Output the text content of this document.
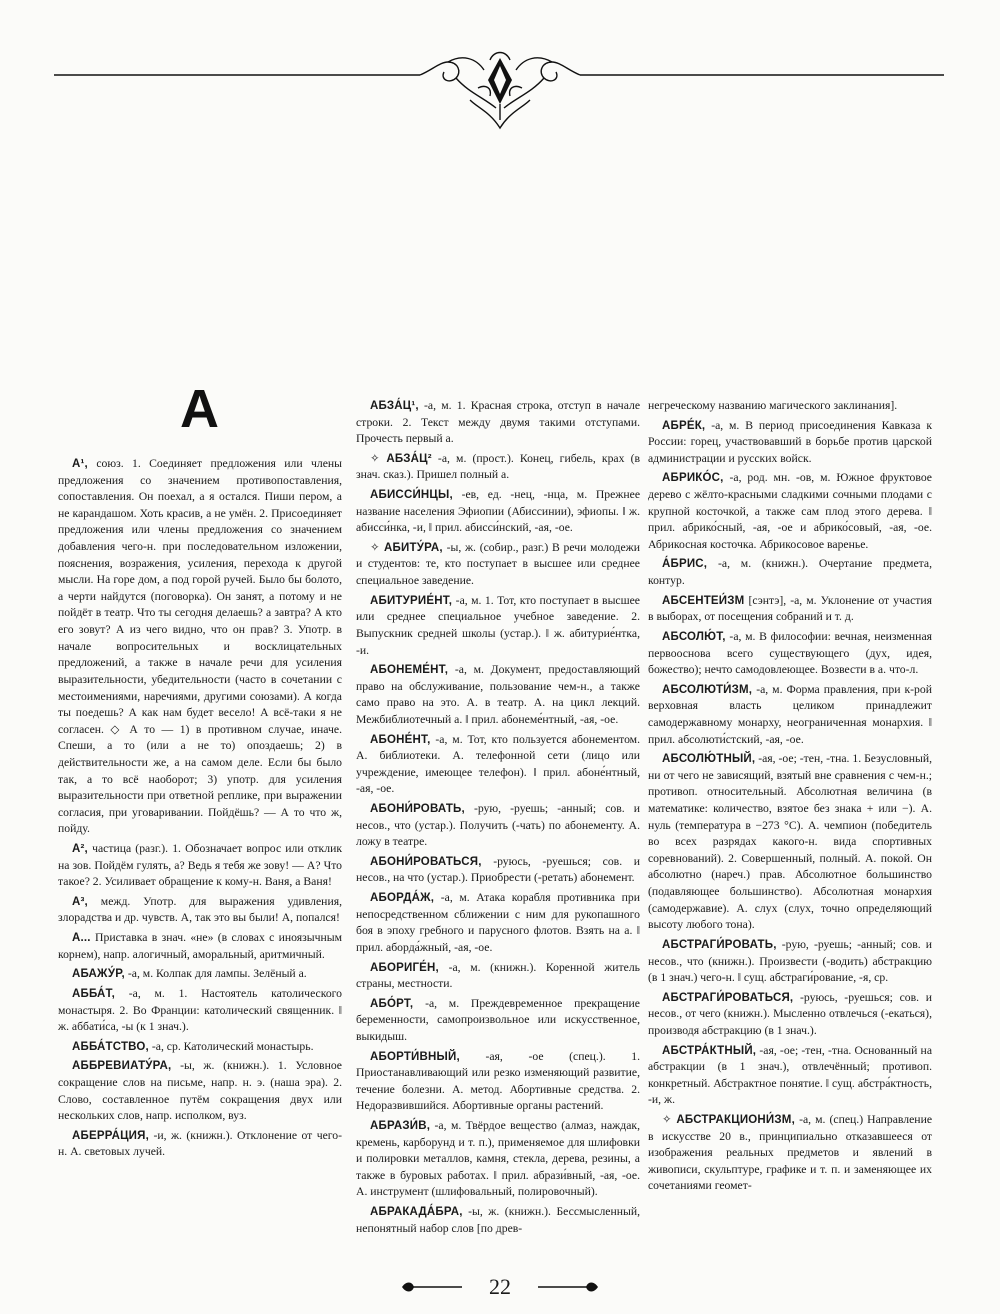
А

А¹, союз. 1. Соединяет предложения или члены предложения со значением противопоставления, сопоставления. Он поехал, а я остался. Пиши пером, а не карандашом. Хоть красив, а не умён. 2. Присоединяет предложения или члены предложения со значением добавления чего-н. при последовательном изложении, пояснения, возражения, усиления, перехода к другой мысли. На горе дом, а под горой ручей. Было бы болото, а черти найдутся (поговорка). Он занят, а потому и не пойдёт в театр. Что ты сегодня делаешь? а завтра? А кто его зовут? А из чего видно, что он прав? 3. Употр. в начале вопросительных и восклицательных предложений, а также в начале речи для усиления выразительности, убедительности (часто в сочетании с местоимениями, наречиями, другими союзами). А когда ты поедешь? А как нам будет весело! А всё-таки я не согласен. ◇ А то — 1) в противном случае, иначе. Спеши, а то (или а не то) опоздаешь; 2) в действительности же, а на самом деле. Если бы было так, а то всё наоборот; 3) употр. для усиления выразительности при ответной реплике, при выражении согласия, при уговаривании. Пойдёшь? — А то что ж, пойду.

А², частица (разг.). 1. Обозначает вопрос или отклик на зов. Пойдём гулять, а? Ведь я тебя же зову! — А? Что такое? 2. Усиливает обращение к кому-н. Ваня, а Ваня!

А³, межд. Употр. для выражения удивления, злорадства и др. чувств. А, так это вы были! А, попался!

А... Приставка в знач. «не» (в словах с иноязычным корнем), напр. алогичный, аморальный, аритмичный.

АБАЖУ́Р, -а, м. Колпак для лампы. Зелёный а.

АББА́Т, -а, м. 1. Настоятель католического монастыря. 2. Во Франции: католический священник. ‖ ж. аббати́са, -ы (к 1 знач.).

АББА́ТСТВО, -а, ср. Католический монастырь.

АББРЕВИАТУ́РА, -ы, ж. (книжн.). 1. Условное сокращение слов на письме, напр. н. э. (наша эра). 2. Слово, составленное путём сокращения двух или нескольких слов, напр. исполком, вуз.

АБЕРРА́ЦИЯ, -и, ж. (книжн.). Отклонение от чего-н. А. световых лучей.

АБЗА́Ц¹, -а, м. 1. Красная строка, отступ в начале строки. 2. Текст между двумя такими отступами. Прочесть первый а.

✧ АБЗА́Ц² -а, м. (прост.). Конец, гибель, крах (в знач. сказ.). Пришел полный а.

АБИССИ́НЦЫ, -ев, ед. -нец, -нца, м. Прежнее название населения Эфиопии (Абиссинии), эфиопы. ‖ ж. абисси́нка, -и, ‖ прил. абисси́нский, -ая, -ое.

✧ АБИТУ́РА, -ы, ж. (собир., разг.) В речи молодежи и студентов: те, кто поступает в высшее или среднее специальное заведение.

АБИТУРИЕ́НТ, -а, м. 1. Тот, кто поступает в высшее или среднее специальное учебное заведение. 2. Выпускник средней школы (устар.). ‖ ж. абитурие́нтка, -и.

АБОНЕМЕ́НТ, -а, м. Документ, предоставляющий право на обслуживание, пользование чем-н., а также само право на это. А. в театр. А. на цикл лекций. Межбиблиотечный а. ‖ прил. абонеме́нтный, -ая, -ое.

АБОНЕ́НТ, -а, м. Тот, кто пользуется абонементом. А. библиотеки. А. телефонной сети (лицо или учреждение, имеющее телефон). ‖ прил. абоне́нтный, -ая, -ое.

АБОНИ́РОВАТЬ, -рую, -руешь; -анный; сов. и несов., что (устар.). Получить (-чать) по абонементу. А. ложу в театре.

АБОНИ́РОВАТЬСЯ, -руюсь, -руешься; сов. и несов., на что (устар.). Приобрести (-ретать) абонемент.

АБОРДА́Ж, -а, м. Атака корабля противника при непосредственном сближении с ним для рукопашного боя в эпоху гребного и парусного флотов. Взять на а. ‖ прил. аборда́жный, -ая, -ое.

АБОРИГЕ́Н, -а, м. (книжн.). Коренной житель страны, местности.

АБО́РТ, -а, м. Преждевременное прекращение беременности, самопроизвольное или искусственное, выкидыш.

АБОРТИ́ВНЫЙ, -ая, -ое (спец.). 1. Приостанавливающий или резко изменяющий развитие, течение болезни. А. метод. Абортивные средства. 2. Недоразвившийся. Абортивные органы растений.

АБРАЗИ́В, -а, м. Твёрдое вещество (алмаз, наждак, кремень, карборунд и т. п.), применяемое для шлифовки и полировки металлов, камня, стекла, дерева, резины, а также в буровых работах. ‖ прил. абрази́вный, -ая, -ое. А. инструмент (шлифовальный, полировочный).

АБРАКАДА́БРА, -ы, ж. (книжн.). Бессмысленный, непонятный набор слов [по древ-

негреческому названию магического заклинания].

АБРЕ́К, -а, м. В период присоединения Кавказа к России: горец, участвовавший в борьбе против царской администрации и русских войск.

АБРИКО́С, -а, род. мн. -ов, м. Южное фруктовое дерево с жёлто-красными сладкими сочными плодами с крупной косточкой, а также сам плод этого дерева. ‖ прил. абрико́сный, -ая, -ое и абрико́совый, -ая, -ое. Абрикосная косточка. Абрикосовое варенье.

А́БРИС, -а, м. (книжн.). Очертание предмета, контур.

АБСЕНТЕИ́ЗМ [сэнтэ], -а, м. Уклонение от участия в выборах, от посещения собраний и т. д.

АБСОЛЮ́Т, -а, м. В философии: вечная, неизменная первооснова всего существующего (дух, идея, божество); нечто самодовлеющее. Возвести в а. что-л.

АБСОЛЮТИ́ЗМ, -а, м. Форма правления, при к-рой верховная власть целиком принадлежит самодержавному монарху, неограниченная монархия. ‖ прил. абсолюти́стский, -ая, -ое.

АБСОЛЮ́ТНЫЙ, -ая, -ое; -тен, -тна. 1. Безусловный, ни от чего не зависящий, взятый вне сравнения с чем-н.; противоп. относительный. Абсолютная величина (в математике: количество, взятое без знака + или −). А. нуль (температура в −273 °С). А. чемпион (победитель во всех разрядах какого-н. вида спортивных соревнований). 2. Совершенный, полный. А. покой. Он абсолютно (нареч.) прав. Абсолютное большинство (подавляющее большинство). Абсолютная монархия (самодержавие). А. слух (слух, точно определяющий высоту любого тона).

АБСТРАГИ́РОВАТЬ, -рую, -руешь; -анный; сов. и несов., что (книжн.). Произвести (-водить) абстракцию (в 1 знач.) чего-н. ‖ сущ. абстраги́рование, -я, ср.

АБСТРАГИ́РОВАТЬСЯ, -руюсь, -руешься; сов. и несов., от чего (книжн.). Мысленно отвлечься (-екаться), производя абстракцию (в 1 знач.).

АБСТРА́КТНЫЙ, -ая, -ое; -тен, -тна. Основанный на абстракции (в 1 знач.), отвлечённый; противоп. конкретный. Абстрактное понятие. ‖ сущ. абстра́ктность, -и, ж.

✧ АБСТРАКЦИОНИ́ЗМ, -а, м. (спец.) Направление в искусстве 20 в., принципиально отказавшееся от изображения реальных предметов и явлений в живописи, скульптуре, графике и т. п. и заменяющее их сочетаниями геомет-

22
